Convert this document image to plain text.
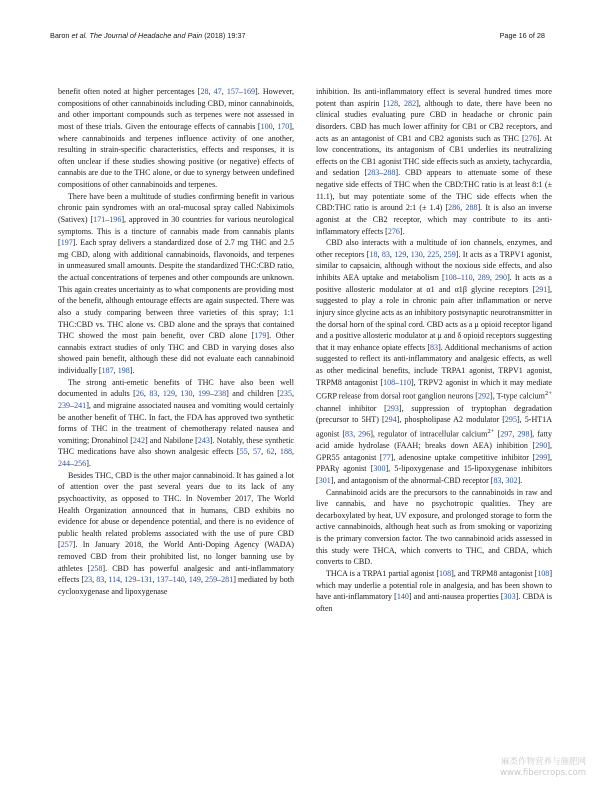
Baron et al. The Journal of Headache and Pain (2018) 19:37	Page 16 of 28

benefit often noted at higher percentages [28, 47, 157–169]. However, compositions of other cannabinoids including CBD, minor cannabinoids, and other important compounds such as terpenes were not assessed in most of these trials. Given the entourage effects of cannabis [100, 170], where cannabinoids and terpenes influence activity of one another, resulting in strain-specific characteristics, effects and responses, it is often unclear if these studies showing positive (or negative) effects of cannabis are due to the THC alone, or due to synergy between undefined compositions of other cannabinoids and terpenes.

There have been a multitude of studies confirming benefit in various chronic pain syndromes with an oral-mucosal spray called Nabiximols (Sativex) [171–196], approved in 30 countries for various neurological symptoms. This is a tincture of cannabis made from cannabis plants [197]. Each spray delivers a standardized dose of 2.7 mg THC and 2.5 mg CBD, along with additional cannabinoids, flavonoids, and terpenes in unmeasured small amounts. Despite the standardized THC:CBD ratio, the actual concentrations of terpenes and other compounds are unknown. This again creates uncertainty as to what components are providing most of the benefit, although entourage effects are again suspected. There was also a study comparing between three varieties of this spray; 1:1 THC:CBD vs. THC alone vs. CBD alone and the sprays that contained THC showed the most pain benefit, over CBD alone [179]. Other cannabis extract studies of only THC and CBD in varying doses also showed pain benefit, although these did not evaluate each cannabinoid individually [187, 198].

The strong anti-emetic benefits of THC have also been well documented in adults [26, 83, 129, 130, 199–238] and children [235, 239–241], and migraine associated nausea and vomiting would certainly be another benefit of THC. In fact, the FDA has approved two synthetic forms of THC in the treatment of chemotherapy related nausea and vomiting; Dronabinol [242] and Nabilone [243]. Notably, these synthetic THC medications have also shown analgesic effects [55, 57, 62, 188, 244–256].

Besides THC, CBD is the other major cannabinoid. It has gained a lot of attention over the past several years due to its lack of any psychoactivity, as opposed to THC. In November 2017, The World Health Organization announced that in humans, CBD exhibits no evidence for abuse or dependence potential, and there is no evidence of public health related problems associated with the use of pure CBD [257]. In January 2018, the World Anti-Doping Agency (WADA) removed CBD from their prohibited list, no longer banning use by athletes [258]. CBD has powerful analgesic and anti-inflammatory effects [23, 83, 114, 129–131, 137–140, 149, 259–281] mediated by both cyclooxygenase and lipoxygenase

inhibition. Its anti-inflammatory effect is several hundred times more potent than aspirin [128, 282], although to date, there have been no clinical studies evaluating pure CBD in headache or chronic pain disorders. CBD has much lower affinity for CB1 or CB2 receptors, and acts as an antagonist of CB1 and CB2 agonists such as THC [276]. At low concentrations, its antagonism of CB1 underlies its neutralizing effects on the CB1 agonist THC side effects such as anxiety, tachycardia, and sedation [283–288]. CBD appears to attenuate some of these negative side effects of THC when the CBD:THC ratio is at least 8:1 (± 11.1), but may potentiate some of the THC side effects when the CBD:THC ratio is around 2:1 (± 1.4) [286, 288]. It is also an inverse agonist at the CB2 receptor, which may contribute to its anti-inflammatory effects [276].

CBD also interacts with a multitude of ion channels, enzymes, and other receptors [18, 83, 129, 130, 225, 259]. It acts as a TRPV1 agonist, similar to capsaicin, although without the noxious side effects, and also inhibits AEA uptake and metabolism [108–110, 289, 290]. It acts as a positive allosteric modulator at α1 and α1β glycine receptors [291], suggested to play a role in chronic pain after inflammation or nerve injury since glycine acts as an inhibitory postsynaptic neurotransmitter in the dorsal horn of the spinal cord. CBD acts as a μ opioid receptor ligand and a positive allosteric modulator at μ and δ opioid receptors suggesting that it may enhance opiate effects [83]. Additional mechanisms of action suggested to reflect its anti-inflammatory and analgesic effects, as well as other medicinal benefits, include TRPA1 agonist, TRPV1 agonist, TRPM8 antagonist [108–110], TRPV2 agonist in which it may mediate CGRP release from dorsal root ganglion neurons [292], T-type calcium$^{2+}$ channel inhibitor [293], suppression of tryptophan degradation (precursor to 5HT) [294], phospholipase A2 modulator [295], 5-HT1A agonist [83, 296], regulator of intracellular calcium$^{2+}$ [297, 298], fatty acid amide hydrolase (FAAH; breaks down AEA) inhibition [290], GPR55 antagonist [77], adenosine uptake competitive inhibitor [299], PPARγ agonist [300], 5-lipoxygenase and 15-lipoxygenase inhibitors [301], and antagonism of the abnormal-CBD receptor [83, 302].

Cannabinoid acids are the precursors to the cannabinoids in raw and live cannabis, and have no psychotropic qualities. They are decarboxylated by heat, UV exposure, and prolonged storage to form the active cannabinoids, although heat such as from smoking or vaporizing is the primary conversion factor. The two cannabinoid acids assessed in this study were THCA, which converts to THC, and CBDA, which converts to CBD.

THCA is a TRPA1 partial agonist [108], and TRPM8 antagonist [108] which may underlie a potential role in analgesia, and has been shown to have anti-inflammatory [140] and anti-nausea properties [303]. CBDA is often

麻类作物营养与施肥网
www.fibercrops.com
